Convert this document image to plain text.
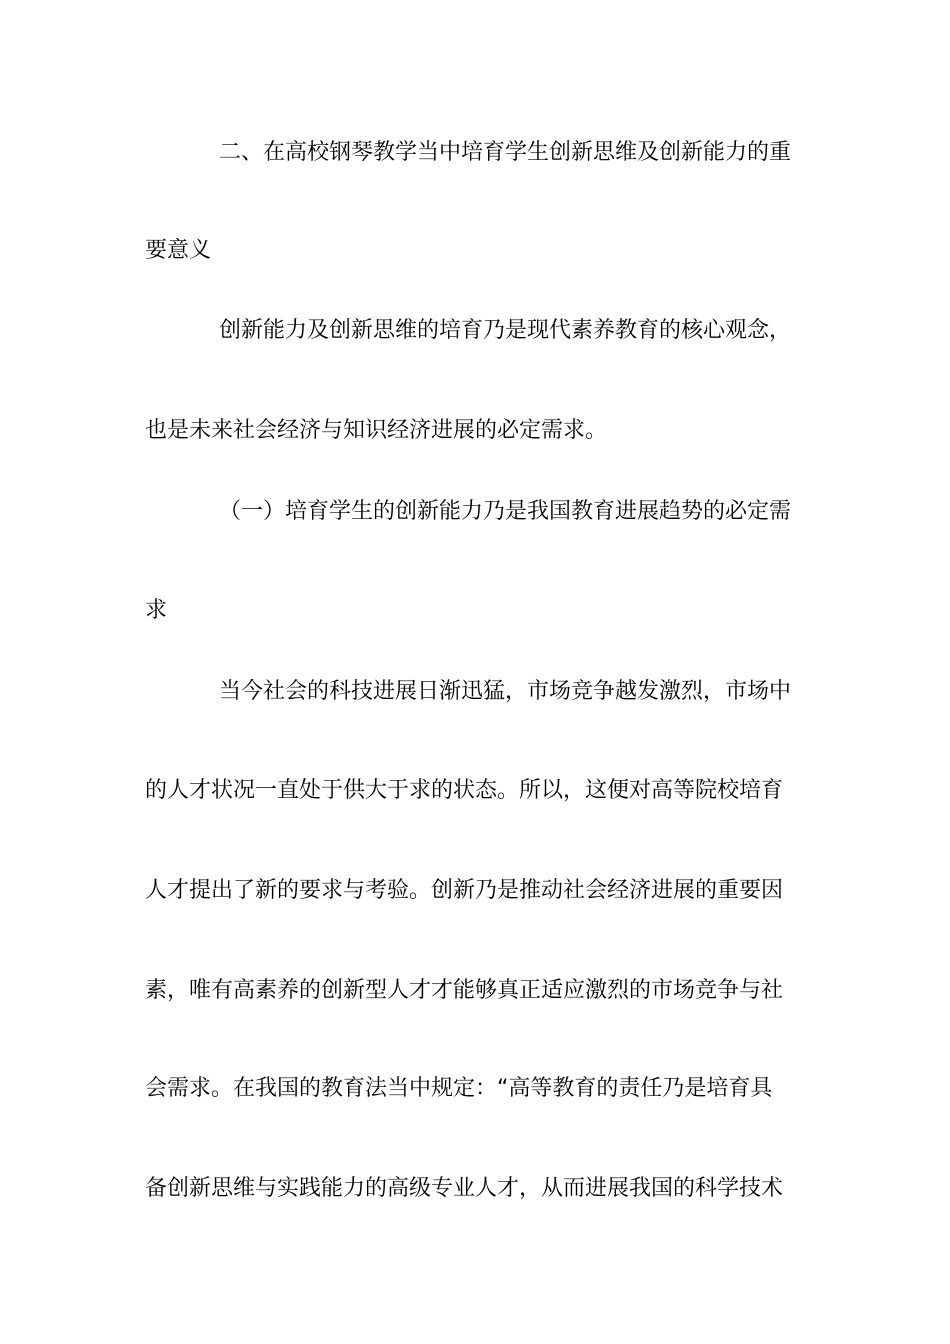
二、在高校钢琴教学当中培育学生创新思维及创新能力的重
要意义
创新能力及创新思维的培育乃是现代素养教育的核心观念，
也是未来社会经济与知识经济进展的必定需求。
（一）培育学生的创新能力乃是我国教育进展趋势的必定需
求
当今社会的科技进展日渐迅猛，市场竞争越发激烈，市场中
的人才状况一直处于供大于求的状态。所以，这便对高等院校培育
人才提出了新的要求与考验。创新乃是推动社会经济进展的重要因
素，唯有高素养的创新型人才才能够真正适应激烈的市场竞争与社
会需求。在我国的教育法当中规定：“高等教育的责任乃是培育具
备创新思维与实践能力的高级专业人才，从而进展我国的科学技术
